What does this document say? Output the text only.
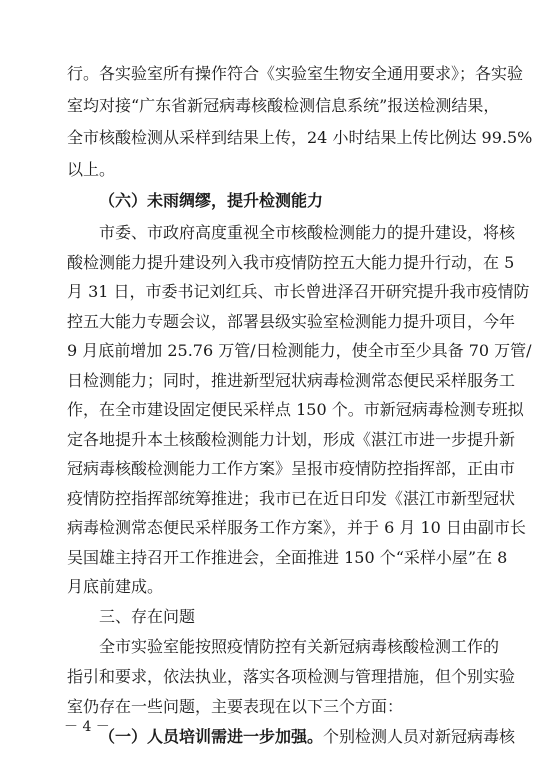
行。各实验室所有操作符合《实验室生物安全通用要求》；各实验
室均对接“广东省新冠病毒核酸检测信息系统”报送检测结果，
全市核酸检测从采样到结果上传，24 小时结果上传比例达 99.5%
以上。
（六）未雨绸缪，提升检测能力
市委、市政府高度重视全市核酸检测能力的提升建设，将核
酸检测能力提升建设列入我市疫情防控五大能力提升行动，在 5
月 31 日，市委书记刘红兵、市长曾进泽召开研究提升我市疫情防
控五大能力专题会议，部署县级实验室检测能力提升项目，今年
9 月底前增加 25.76 万管/日检测能力，使全市至少具备 70 万管/
日检测能力；同时，推进新型冠状病毒检测常态便民采样服务工
作，在全市建设固定便民采样点 150 个。市新冠病毒检测专班拟
定各地提升本土核酸检测能力计划，形成《湛江市进一步提升新
冠病毒核酸检测能力工作方案》呈报市疫情防控指挥部，正由市
疫情防控指挥部统筹推进；我市已在近日印发《湛江市新型冠状
病毒检测常态便民采样服务工作方案》，并于 6 月 10 日由副市长
吴国雄主持召开工作推进会，全面推进 150 个“采样小屋”在 8
月底前建成。
三、存在问题
全市实验室能按照疫情防控有关新冠病毒核酸检测工作的
指引和要求，依法执业，落实各项检测与管理措施，但个别实验
室仍存在一些问题，主要表现在以下三个方面：
－ 4 －
（一）人员培训需进一步加强。个别检测人员对新冠病毒核
